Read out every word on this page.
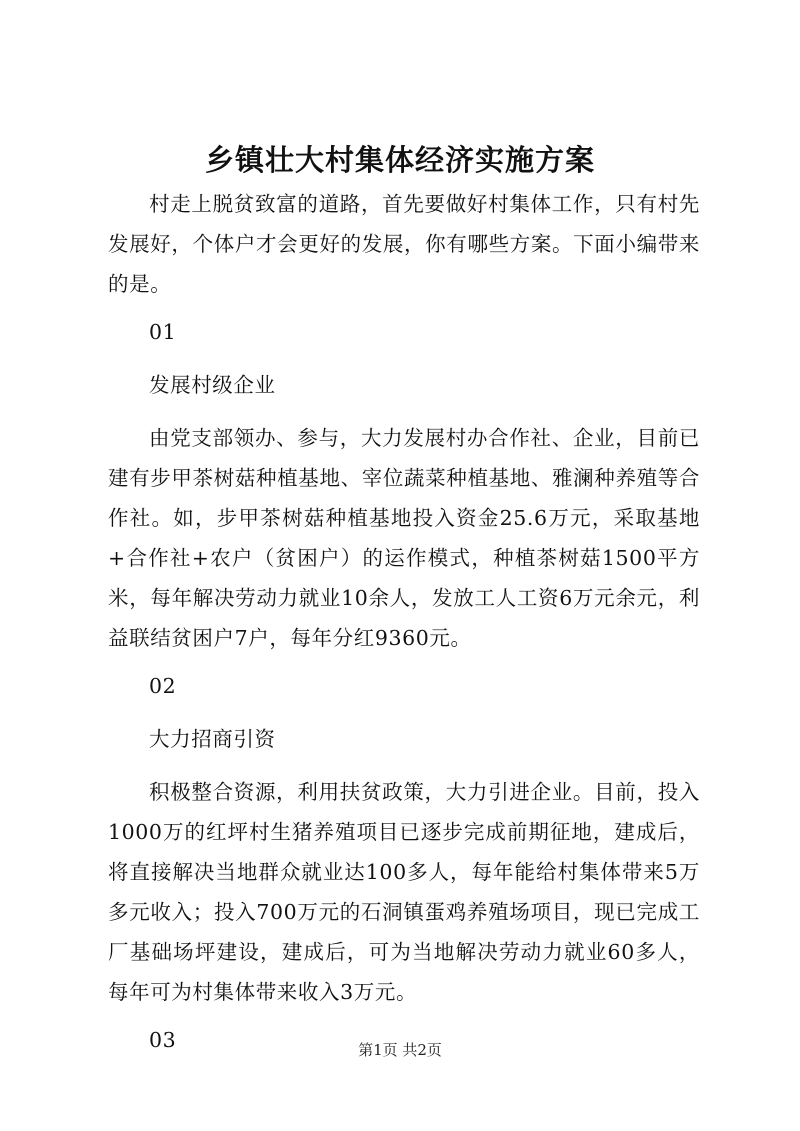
乡镇壮大村集体经济实施方案

村走上脱贫致富的道路，首先要做好村集体工作，只有村先发展好，个体户才会更好的发展，你有哪些方案。下面小编带来的是。

01

发展村级企业

由党支部领办、参与，大力发展村办合作社、企业，目前已建有步甲茶树菇种植基地、宰位蔬菜种植基地、雅澜种养殖等合作社。如，步甲茶树菇种植基地投入资金25.6万元，采取基地+合作社+农户（贫困户）的运作模式，种植茶树菇1500平方米，每年解决劳动力就业10余人，发放工人工资6万元余元，利益联结贫困户7户，每年分红9360元。

02

大力招商引资

积极整合资源，利用扶贫政策，大力引进企业。目前，投入1000万的红坪村生猪养殖项目已逐步完成前期征地，建成后，将直接解决当地群众就业达100多人，每年能给村集体带来5万多元收入；投入700万元的石洞镇蛋鸡养殖场项目，现已完成工厂基础场坪建设，建成后，可为当地解决劳动力就业60多人，每年可为村集体带来收入3万元。

03	第1页 共2页
